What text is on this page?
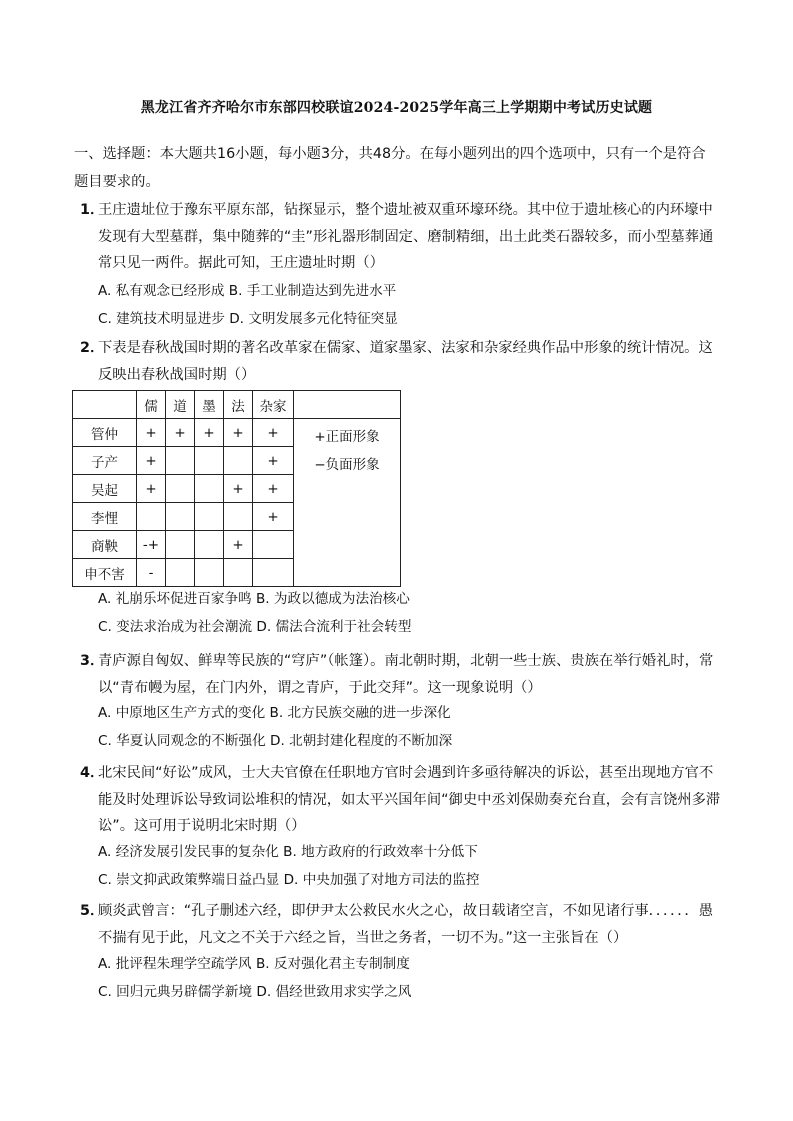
黑龙江省齐齐哈尔市东部四校联谊2024-2025学年高三上学期期中考试历史试题
一、选择题：本大题共16小题，每小题3分，共48分。在每小题列出的四个选项中，只有一个是符合题目要求的。
1．
王庄遗址位于豫东平原东部，钻探显示，整个遗址被双重环壕环绕。其中位于遗址核心的内环壕中发现有大型墓群，集中随葬的“圭”形礼器形制固定、磨制精细，出土此类石器较多，而小型墓葬通常只见一两件。据此可知，王庄遗址时期（）
A. 私有观念已经形成 B. 手工业制造达到先进水平
C. 建筑技术明显进步 D. 文明发展多元化特征突显
2．
下表是春秋战国时期的著名改革家在儒家、道家墨家、法家和杂家经典作品中形象的统计情况。这反映出春秋战国时期（）
	儒	道	墨	法	杂家	
管仲	+	+	+	+	+	+正面形象
−负面形象

子产	+				+	
吴起	+			+	+	
李悝					+	
商鞅	-+			+		
申不害	-					
A. 礼崩乐坏促进百家争鸣 B. 为政以德成为法治核心
C. 变法求治成为社会潮流 D. 儒法合流利于社会转型
3．
青庐源自匈奴、鲜卑等民族的“穹庐”（帐篷）。南北朝时期，北朝一些士族、贵族在举行婚礼时，常以“青布幔为屋，在门内外，谓之青庐，于此交拜”。这一现象说明（）
A. 中原地区生产方式的变化 B. 北方民族交融的进一步深化
C. 华夏认同观念的不断强化 D. 北朝封建化程度的不断加深
4．
北宋民间“好讼”成风，士大夫官僚在任职地方官时会遇到许多亟待解决的诉讼，甚至出现地方官不能及时处理诉讼导致词讼堆积的情况，如太平兴国年间“御史中丞刘保勋奏充台直，会有言饶州多滞讼”。这可用于说明北宋时期（）
A. 经济发展引发民事的复杂化 B. 地方政府的行政效率十分低下
C. 崇文抑武政策弊端日益凸显 D. 中央加强了对地方司法的监控
5．
顾炎武曾言：“孔子删述六经，即伊尹太公救民水火之心，故日载诸空言，不如见诸行事．．．．．．愚不揣有见于此，凡文之不关于六经之旨，当世之务者，一切不为。”这一主张旨在（）
A. 批评程朱理学空疏学风 B. 反对强化君主专制制度
C. 回归元典另辟儒学新境 D. 倡经世致用求实学之风
